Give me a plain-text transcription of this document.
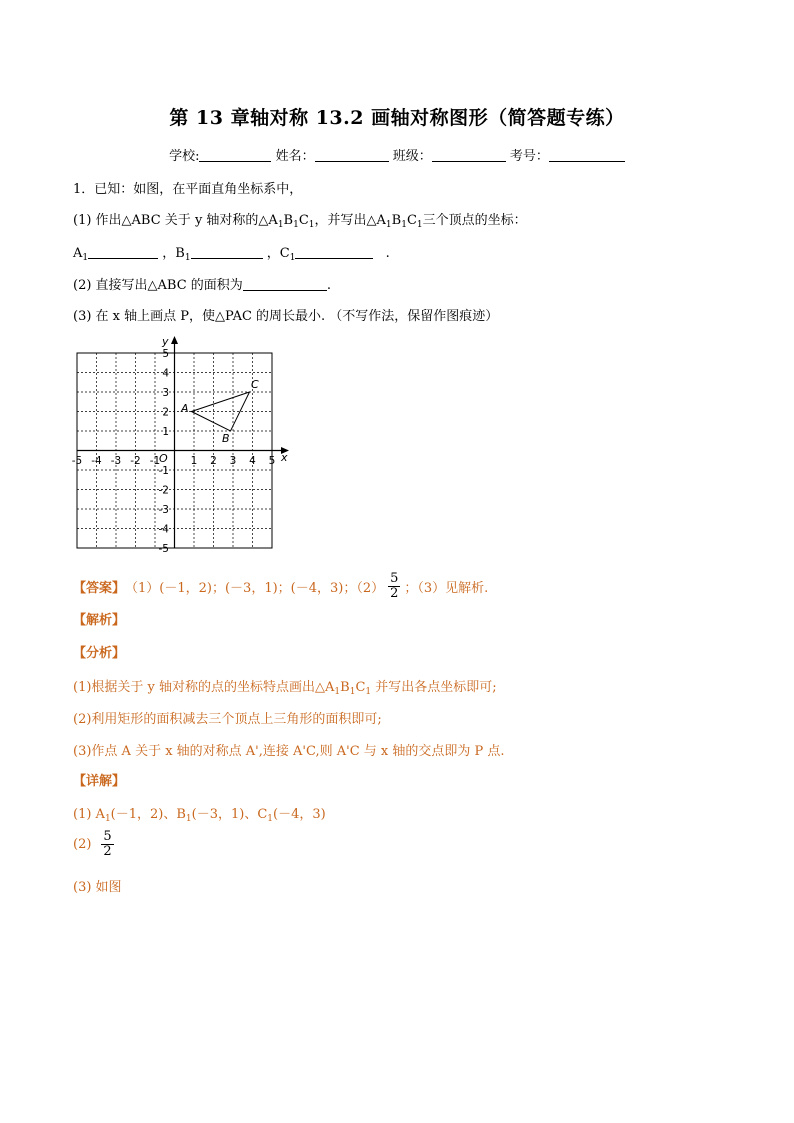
第 13 章轴对称 13.2 画轴对称图形（简答题专练）
学校:	姓名：	班级：	考号：
1．已知：如图，在平面直角坐标系中，
(1) 作出△ABC 关于 y 轴对称的$\triangle A_1B_1C_1$，并写出$\triangle A_1B_1C_1$三个顶点的坐标：
$A_1$	，$B_1$	，$C_1$	.
(2) 直接写出△ABC 的面积为	.
(3) 在 x 轴上画点 P，使△PAC 的周长最小. （不写作法，保留作图痕迹）
-5 -4 -3 -2 -1	1 2 3 4 5
5
4
3
2
1
-1
-2
-3
-4
-5
O	x
y
A
B
C
【答案】 （1）(－1，2)；(－3，1)；(－4，3)；$(2) \frac{5}{2}$ ；（3）见解析.
【解析】
【分析】
(1)根据关于 y 轴对称的点的坐标特点画出$\triangle A_1B_1C_1$ 并写出各点坐标即可;
(2)利用矩形的面积减去三个顶点上三角形的面积即可;
(3)作点 A 关于 x 轴的对称点 A',连接 A'C,则 A'C 与 x 轴的交点即为 P 点.
【详解】
(1) $A_1(-1$，2)、$B_1(-3$，1)、$C_1(-4$，3)
$(2) \frac{5}{2}$
(3) 如图
